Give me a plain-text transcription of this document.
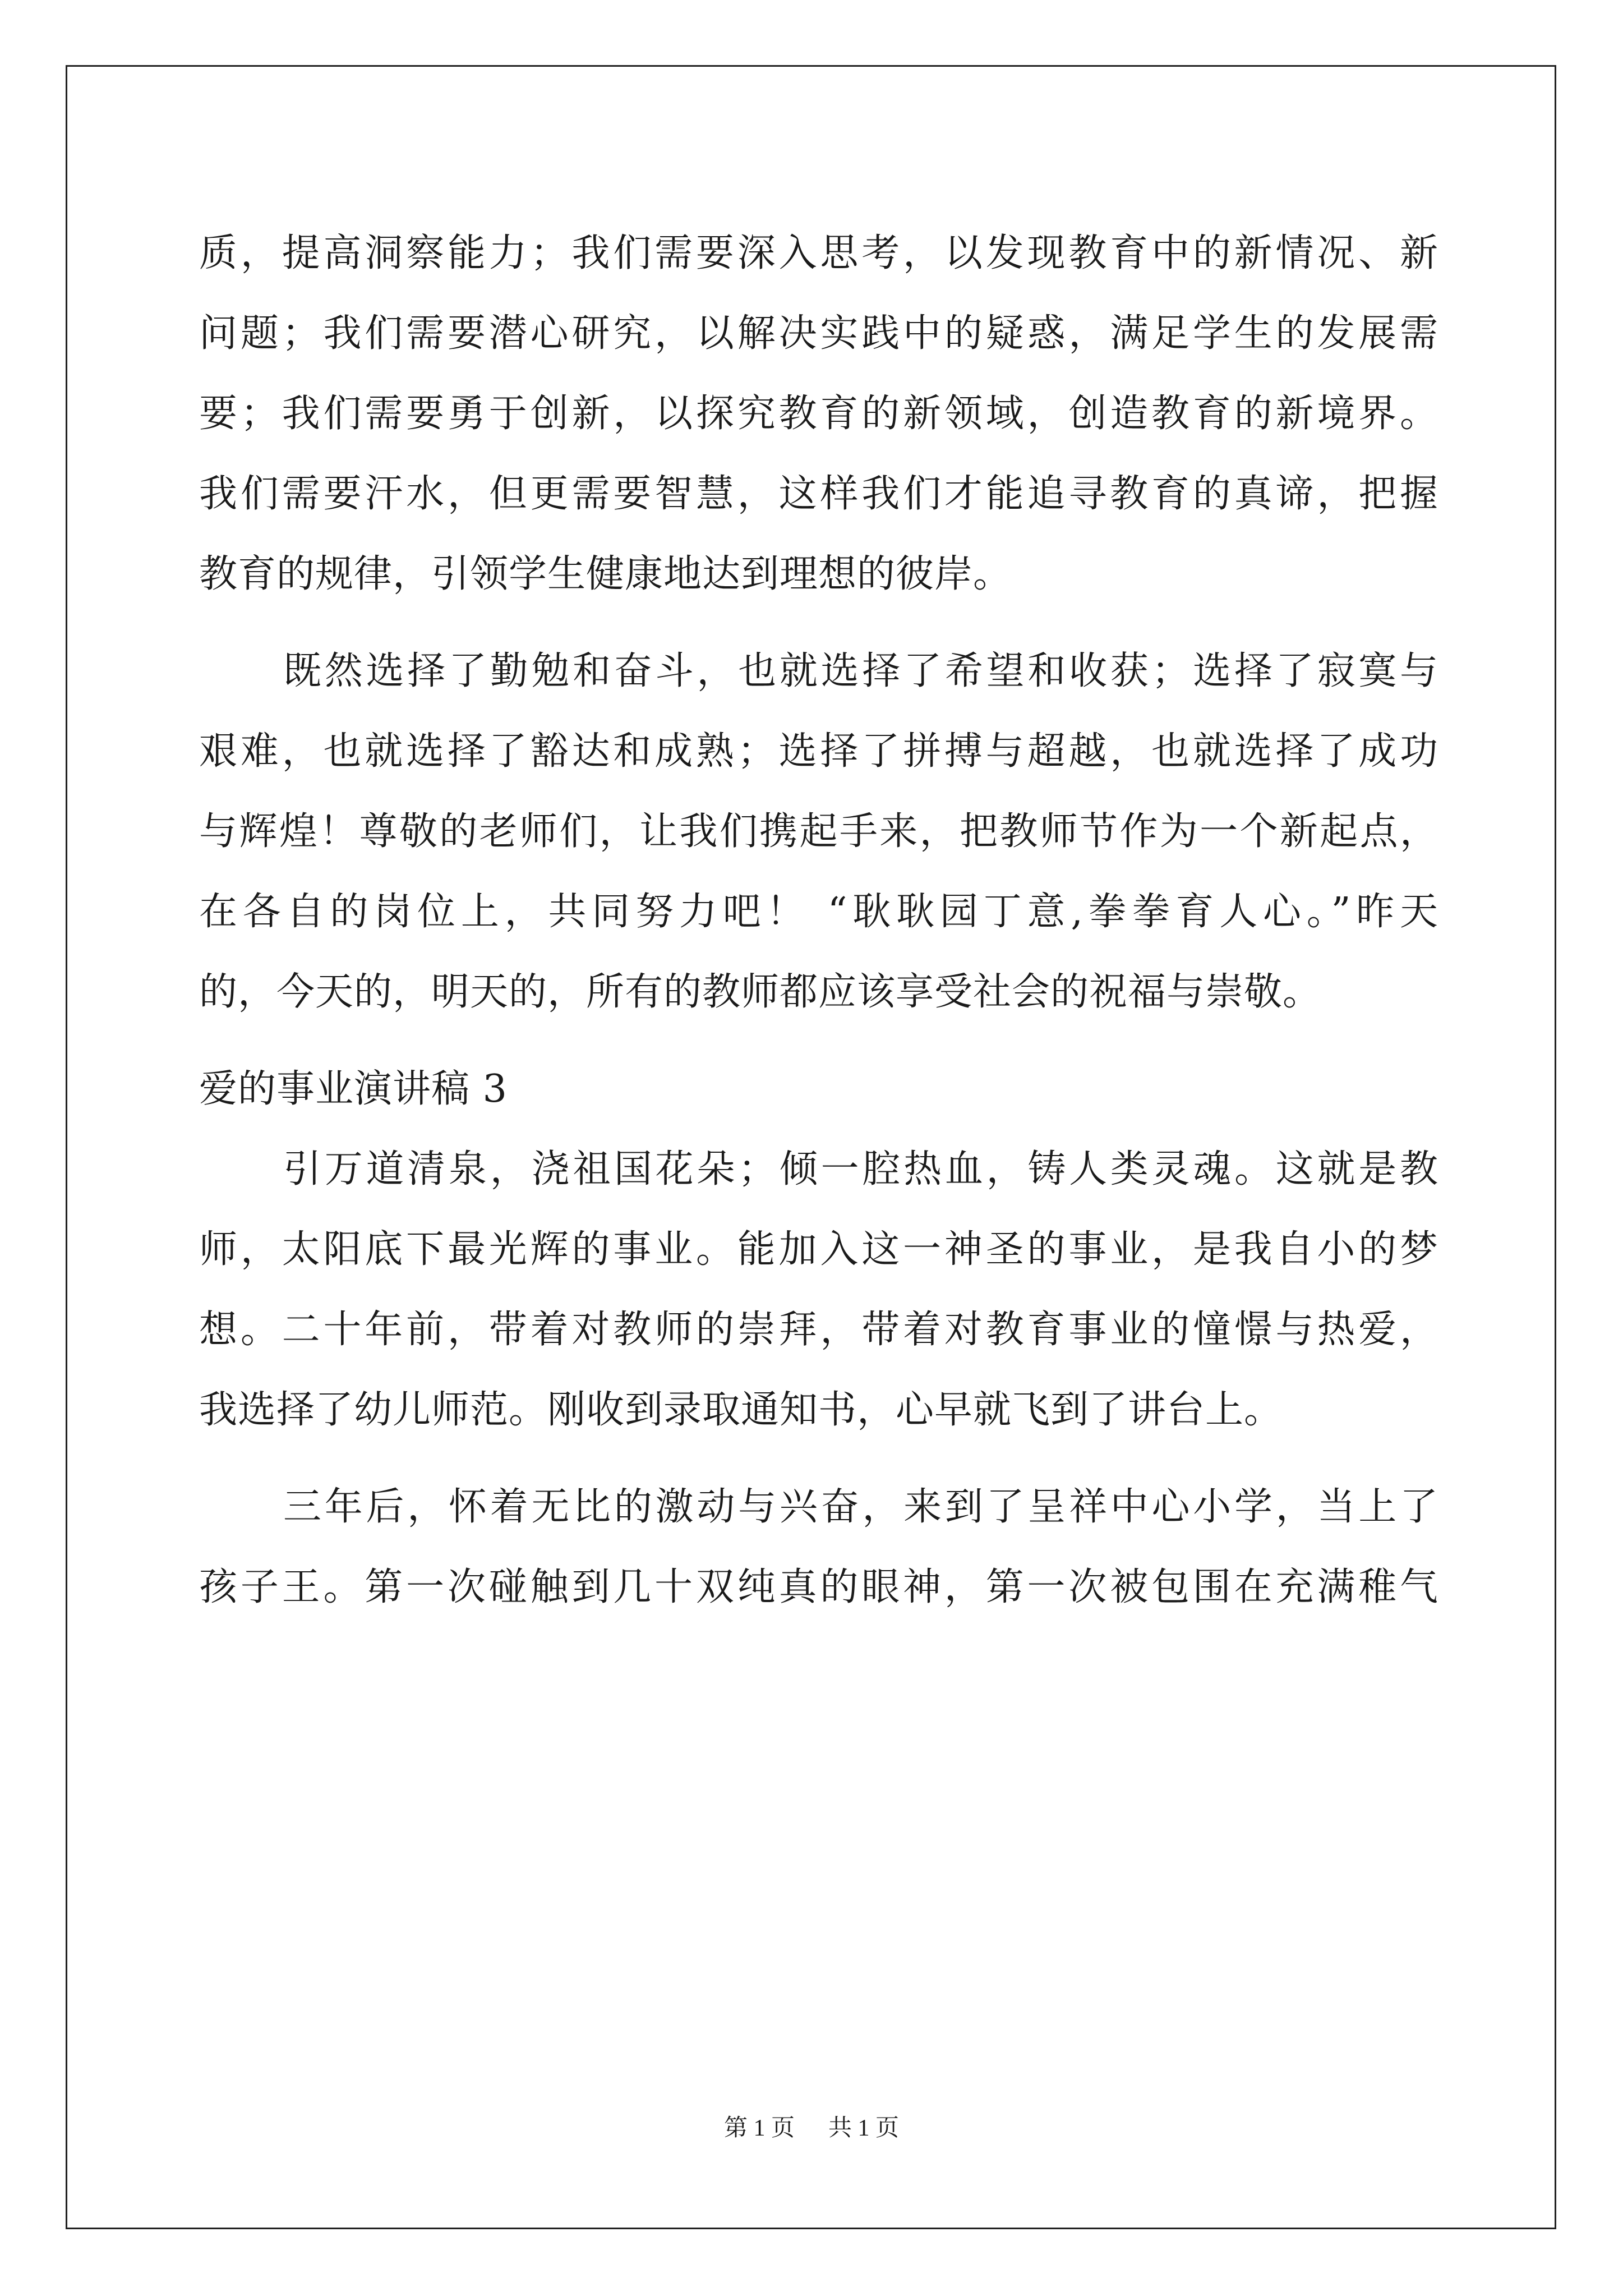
质，提高洞察能力；我们需要深入思考，以发现教育中的新情况、新
问题；我们需要潜心研究，以解决实践中的疑惑，满足学生的发展需
要；我们需要勇于创新，以探究教育的新领域，创造教育的新境界。
我们需要汗水，但更需要智慧，这样我们才能追寻教育的真谛，把握
教育的规律，引领学生健康地达到理想的彼岸。
既然选择了勤勉和奋斗，也就选择了希望和收获；选择了寂寞与
艰难，也就选择了豁达和成熟；选择了拼搏与超越，也就选择了成功
与辉煌！尊敬的老师们，让我们携起手来，把教师节作为一个新起点，
在各自的岗位上，共同努力吧！ “耿耿园丁意,拳拳育人心。”昨天
的，今天的，明天的，所有的教师都应该享受社会的祝福与崇敬。
爱的事业演讲稿 3
引万道清泉，浇祖国花朵；倾一腔热血，铸人类灵魂。这就是教
师，太阳底下最光辉的事业。能加入这一神圣的事业，是我自小的梦
想。二十年前，带着对教师的崇拜，带着对教育事业的憧憬与热爱，
我选择了幼儿师范。刚收到录取通知书，心早就飞到了讲台上。
三年后，怀着无比的激动与兴奋，来到了呈祥中心小学，当上了
孩子王。第一次碰触到几十双纯真的眼神，第一次被包围在充满稚气
第 1 页 共 1 页
